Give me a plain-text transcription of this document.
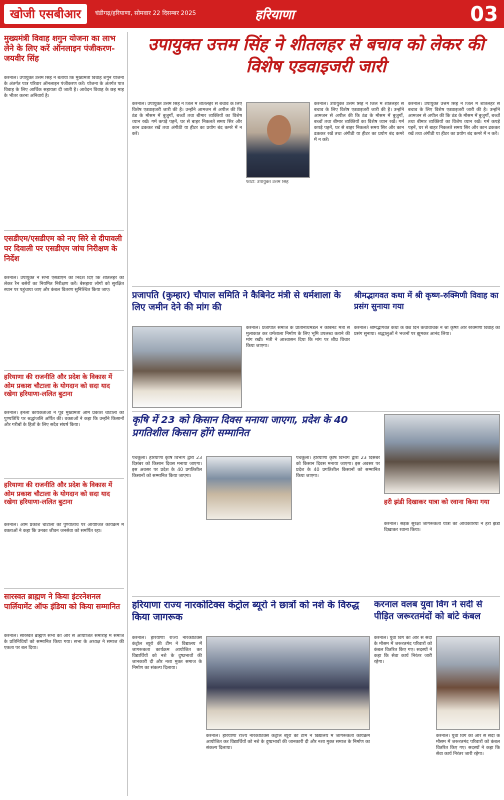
खोजी एसबीआर	चंडीगढ़/हरियाणा, सोमवार 22 दिसम्बर 2025	हरियाणा	03
मुख्यमंत्री विवाह शगुन योजना का लाभ लेने के लिए करें ऑनलाइन पंजीकरण-जयवीर सिंह
करनाल। उपायुक्त उत्तम सिंह ने बताया कि मुख्यमंत्री विवाह शगुन योजना के अंतर्गत पात्र परिवार ऑनलाइन पंजीकरण करें। योजना के अंतर्गत पात्र विवाह के लिए आर्थिक सहायता दी जाती है। आवेदन विवाह के छह माह के भीतर करना अनिवार्य है।
एसडीएम/एसडीएम को नए सिरे से दीपावली पर दिवाली पर एसडीएम जांच निरीक्षण के निर्देश
करनाल। उपायुक्त ने सभी एसडीएम को निर्देश दिए कि शीतलहर को लेकर रैन बसेरों का नियमित निरीक्षण करें। बेसहारा लोगों को सुरक्षित स्थान पर पहुंचाया जाए और कंबल वितरण सुनिश्चित किया जाए।
हरियाणा की राजनीति और प्रदेश के विकास में ओम प्रकाश चौटाला के योगदान को सदा याद रखेगा हरियाणा-ललित बुटाना
करनाल। इनेलो कार्यकर्ताओं ने पूर्व मुख्यमंत्री ओम प्रकाश चौटाला की पुण्यतिथि पर श्रद्धांजलि अर्पित की। वक्ताओं ने कहा कि उन्होंने किसानों और गरीबों के हितों के लिए सदैव संघर्ष किया।
हरियाणा की राजनीति और प्रदेश के विकास में ओम प्रकाश चौटाला के योगदान को सदा याद रखेगा हरियाणा-ललित बुटाना
करनाल। ओम प्रकाश चौटाला की पुण्यतिथि पर आयोजित कार्यक्रम में वक्ताओं ने कहा कि उनका जीवन जनसेवा को समर्पित रहा।
सारस्वत ब्राह्मण ने किया इंटरनेशनल पार्लियामेंट ऑफ इंडिया को किया सम्मानित
करनाल। सारस्वत ब्राह्मण सभा की ओर से आयोजित समारोह में समाज के प्रतिनिधियों को सम्मानित किया गया। सभा के अध्यक्ष ने समाज की एकता पर बल दिया।
उपायुक्त उत्तम सिंह ने शीतलहर से बचाव को लेकर की विशेष एडवाइजरी जारी
करनाल। उपायुक्त उत्तम सिंह ने जिले में शीतलहर से बचाव के लिए विशेष एडवाइजरी जारी की है। उन्होंने आमजन से अपील की कि ठंड के मौसम में बुजुर्गों, बच्चों तथा बीमार व्यक्तियों का विशेष ध्यान रखें। गर्म कपड़े पहनें, घर से बाहर निकलते समय सिर और कान ढककर रखें तथा अंगीठी या हीटर का प्रयोग बंद कमरे में न करें।
फोटो: उपायुक्त उत्तम सिंह
करनाल। उपायुक्त उत्तम सिंह ने जिले में शीतलहर से बचाव के लिए विशेष एडवाइजरी जारी की है। उन्होंने आमजन से अपील की कि ठंड के मौसम में बुजुर्गों, बच्चों तथा बीमार व्यक्तियों का विशेष ध्यान रखें। गर्म कपड़े पहनें, घर से बाहर निकलते समय सिर और कान ढककर रखें तथा अंगीठी या हीटर का प्रयोग बंद कमरे में न करें।
करनाल। उपायुक्त उत्तम सिंह ने जिले में शीतलहर से बचाव के लिए विशेष एडवाइजरी जारी की है। उन्होंने आमजन से अपील की कि ठंड के मौसम में बुजुर्गों, बच्चों तथा बीमार व्यक्तियों का विशेष ध्यान रखें। गर्म कपड़े पहनें, घर से बाहर निकलते समय सिर और कान ढककर रखें तथा अंगीठी या हीटर का प्रयोग बंद कमरे में न करें।
प्रजापति (कुम्हार) चौपाल समिति ने कैबिनेट मंत्री से धर्मशाला के लिए जमीन देने की मांग की
करनाल। प्रजापति समाज के प्रतिनिधिमंडल ने कैबिनेट मंत्री से मुलाकात कर धर्मशाला निर्माण के लिए भूमि उपलब्ध कराने की मांग रखी। मंत्री ने आश्वासन दिया कि मांग पर शीघ्र विचार किया जाएगा।
श्रीमद्भागवत कथा में श्री कृष्ण-रुक्मिणी विवाह का प्रसंग सुनाया गया
करनाल। श्रीमद्भागवत कथा के छठे दिन कथावाचक ने श्री कृष्ण और रुक्मिणी विवाह का प्रसंग सुनाया। श्रद्धालुओं ने भजनों पर झूमकर आनंद लिया।
कृषि में 23 को किसान दिवस मनाया जाएगा, प्रदेश के 40 प्रगतिशील किसान होंगे सम्मानित
पंचकूला। हरियाणा कृषि विभाग द्वारा 23 दिसंबर को किसान दिवस मनाया जाएगा। इस अवसर पर प्रदेश के 40 प्रगतिशील किसानों को सम्मानित किया जाएगा।
पंचकूला। हरियाणा कृषि विभाग द्वारा 23 दिसंबर को किसान दिवस मनाया जाएगा। इस अवसर पर प्रदेश के 40 प्रगतिशील किसानों को सम्मानित किया जाएगा।
हरी झंडी दिखाकर यात्रा को रवाना किया गया
करनाल। सड़क सुरक्षा जागरूकता यात्रा को अधिकारियों ने हरी झंडी दिखाकर रवाना किया।
हरियाणा राज्य नारकोटिक्स कंट्रोल ब्यूरो ने छात्रों को नशे के विरुद्ध किया जागरूक
करनाल। हरियाणा राज्य नारकोटिक्स कंट्रोल ब्यूरो की टीम ने विद्यालय में जागरूकता कार्यक्रम आयोजित कर विद्यार्थियों को नशे के दुष्प्रभावों की जानकारी दी और नशा मुक्त समाज के निर्माण का संकल्प दिलाया।
करनाल। हरियाणा राज्य नारकोटिक्स कंट्रोल ब्यूरो की टीम ने विद्यालय में जागरूकता कार्यक्रम आयोजित कर विद्यार्थियों को नशे के दुष्प्रभावों की जानकारी दी और नशा मुक्त समाज के निर्माण का संकल्प दिलाया।
करनाल वलब युवा विंग ने सर्दी से पीड़ित जरूरतमंदों को बांटे कंबल
करनाल। युवा विंग की ओर से सर्दी के मौसम में जरूरतमंद परिवारों को कंबल वितरित किए गए। सदस्यों ने कहा कि सेवा कार्य निरंतर जारी रहेगा।
करनाल। युवा विंग की ओर से सर्दी के मौसम में जरूरतमंद परिवारों को कंबल वितरित किए गए। सदस्यों ने कहा कि सेवा कार्य निरंतर जारी रहेगा।
